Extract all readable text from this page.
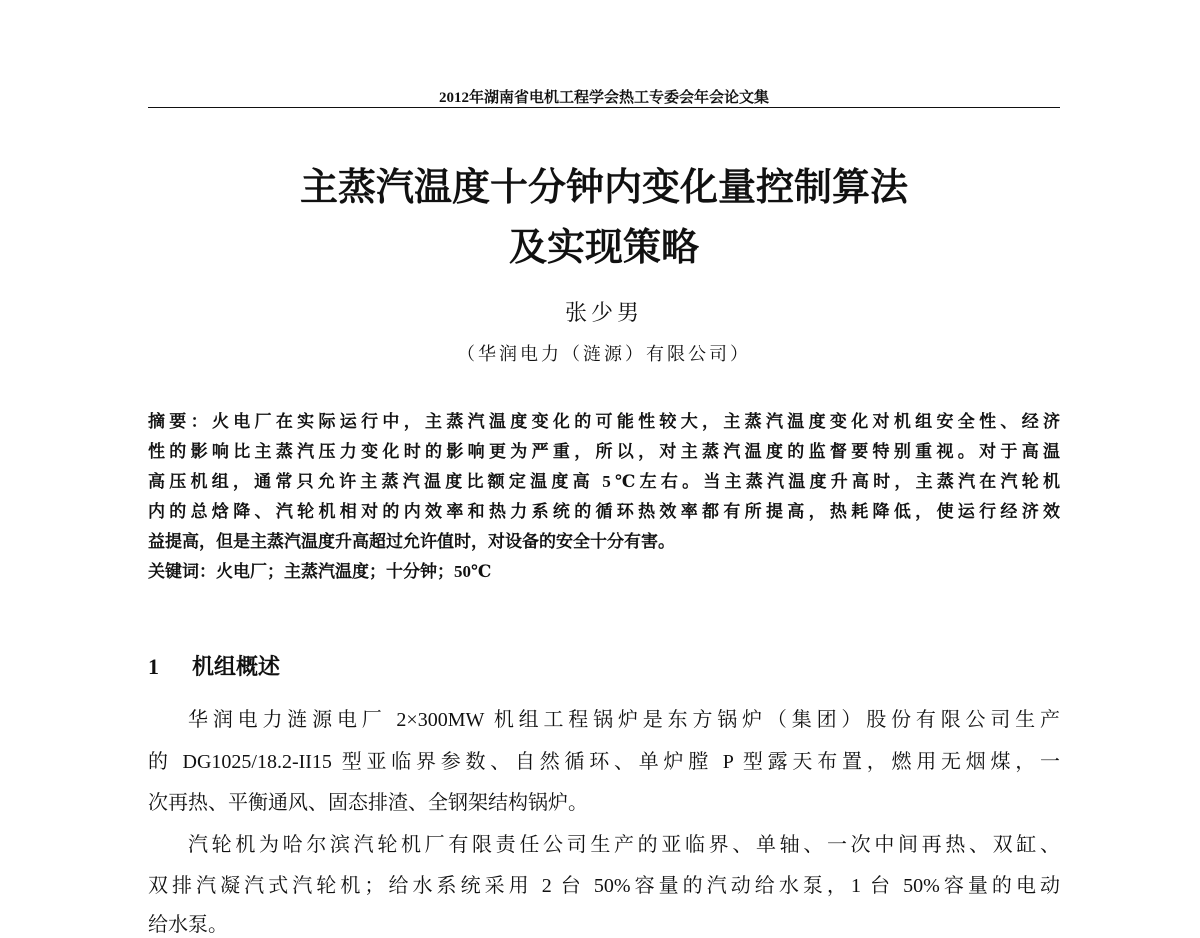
2012年湖南省电机工程学会热工专委会年会论文集
主蒸汽温度十分钟内变化量控制算法
及实现策略
张少男
（华润电力（涟源）有限公司）
摘要：火电厂在实际运行中，主蒸汽温度变化的可能性较大，主蒸汽温度变化对机组安全性、经济
性的影响比主蒸汽压力变化时的影响更为严重，所以，对主蒸汽温度的监督要特别重视。对于高温
高压机组，通常只允许主蒸汽温度比额定温度高 5℃左右。当主蒸汽温度升高时，主蒸汽在汽轮机
内的总焓降、汽轮机相对的内效率和热力系统的循环热效率都有所提高，热耗降低，使运行经济效
益提高，但是主蒸汽温度升高超过允许值时，对设备的安全十分有害。
关键词：火电厂；主蒸汽温度；十分钟；50℃
1 机组概述
华润电力涟源电厂 2×300MW 机组工程锅炉是东方锅炉（集团）股份有限公司生产
的 DG1025/18.2-II15 型亚临界参数、自然循环、单炉膛 P 型露天布置，燃用无烟煤，一
次再热、平衡通风、固态排渣、全钢架结构锅炉。
汽轮机为哈尔滨汽轮机厂有限责任公司生产的亚临界、单轴、一次中间再热、双缸、
双排汽凝汽式汽轮机；给水系统采用 2 台 50%容量的汽动给水泵，1 台 50%容量的电动
给水泵。
